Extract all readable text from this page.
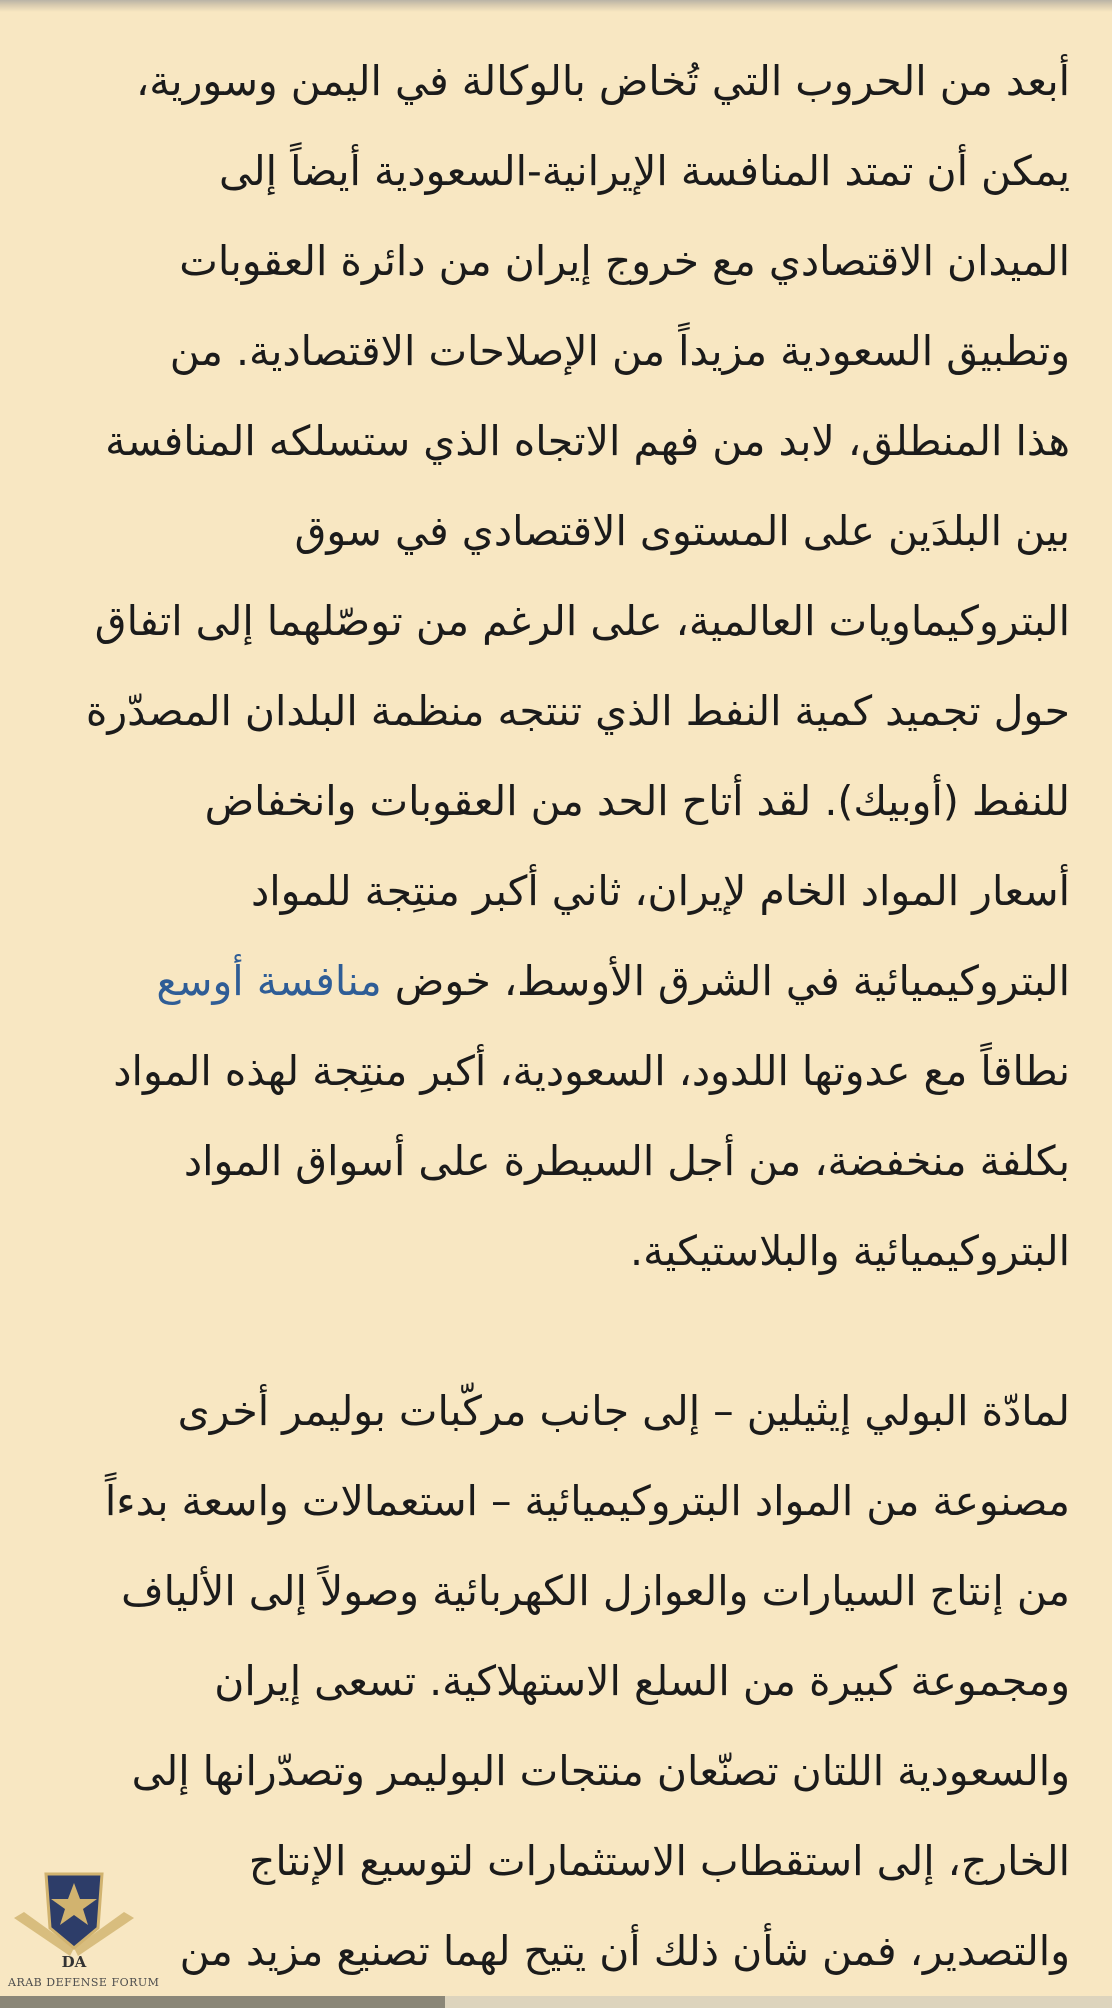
أبعد من الحروب التي تُخاض بالوكالة في اليمن وسورية،
يمكن أن تمتد المنافسة الإيرانية-السعودية أيضاً إلى
الميدان الاقتصادي مع خروج إيران من دائرة العقوبات
وتطبيق السعودية مزيداً من الإصلاحات الاقتصادية. من
هذا المنطلق، لابد من فهم الاتجاه الذي ستسلكه المنافسة
بين البلدَين على المستوى الاقتصادي في سوق
البتروكيماويات العالمية، على الرغم من توصّلهما إلى اتفاق
حول تجميد كمية النفط الذي تنتجه منظمة البلدان المصدّرة
للنفط (أوبيك). لقد أتاح الحد من العقوبات وانخفاض
أسعار المواد الخام لإيران، ثاني أكبر منتِجة للمواد
البتروكيميائية في الشرق الأوسط، خوض منافسة أوسع
نطاقاً مع عدوتها اللدود، السعودية، أكبر منتِجة لهذه المواد
بكلفة منخفضة، من أجل السيطرة على أسواق المواد
البتروكيميائية والبلاستيكية.
لمادّة البولي إيثيلين – إلى جانب مركّبات بوليمر أخرى
مصنوعة من المواد البتروكيميائية – استعمالات واسعة بدءاً
من إنتاج السيارات والعوازل الكهربائية وصولاً إلى الألياف
ومجموعة كبيرة من السلع الاستهلاكية. تسعى إيران
والسعودية اللتان تصنّعان منتجات البوليمر وتصدّرانها إلى
الخارج، إلى استقطاب الاستثمارات لتوسيع الإنتاج
والتصدير، فمن شأن ذلك أن يتيح لهما تصنيع مزيد من
DA
ARAB DEFENSE FORUM
